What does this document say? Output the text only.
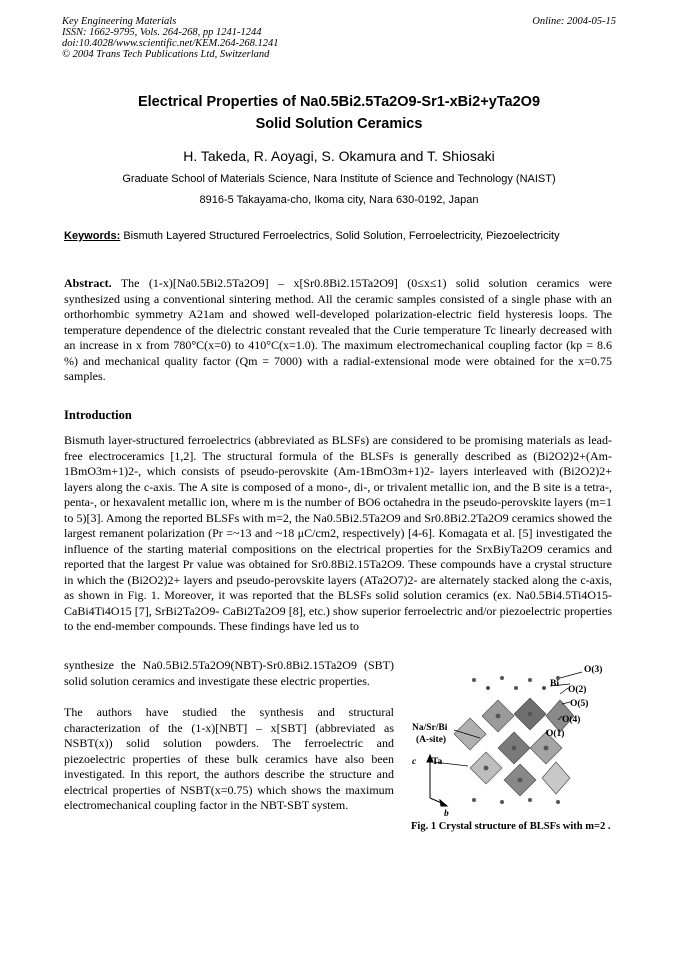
Key Engineering Materials
ISSN: 1662-9795, Vols. 264-268, pp 1241-1244
doi:10.4028/www.scientific.net/KEM.264-268.1241
© 2004 Trans Tech Publications Ltd, Switzerland
Online: 2004-05-15
Electrical Properties of Na0.5Bi2.5Ta2O9-Sr1-xBi2+yTa2O9
Solid Solution Ceramics
H. Takeda, R. Aoyagi, S. Okamura and T. Shiosaki
Graduate School of Materials Science, Nara Institute of Science and Technology (NAIST)
8916-5 Takayama-cho, Ikoma city, Nara 630-0192, Japan
Keywords: Bismuth Layered Structured Ferroelectrics, Solid Solution, Ferroelectricity, Piezoelectricity
Abstract. The (1-x)[Na0.5Bi2.5Ta2O9] – x[Sr0.8Bi2.15Ta2O9] (0≤x≤1) solid solution ceramics were synthesized using a conventional sintering method. All the ceramic samples consisted of a single phase with an orthorhombic symmetry A21am and showed well-developed polarization-electric field hysteresis loops. The temperature dependence of the dielectric constant revealed that the Curie temperature Tc linearly decreased with an increase in x from 780°C(x=0) to 410°C(x=1.0). The maximum electromechanical coupling factor (kp = 8.6 %) and mechanical quality factor (Qm = 7000) with a radial-extensional mode were obtained for the x=0.75 samples.
Introduction
Bismuth layer-structured ferroelectrics (abbreviated as BLSFs) are considered to be promising materials as lead-free electroceramics [1,2]. The structural formula of the BLSFs is generally described as (Bi2O2)2+(Am-1BmO3m+1)2-, which consists of pseudo-perovskite (Am-1BmO3m+1)2- layers interleaved with (Bi2O2)2+ layers along the c-axis. The A site is composed of a mono-, di-, or trivalent metallic ion, and the B site is a tetra-, penta-, or hexavalent metallic ion, where m is the number of BO6 octahedra in the pseudo-perovskite layers (m=1 to 5)[3]. Among the reported BLSFs with m=2, the Na0.5Bi2.5Ta2O9 and Sr0.8Bi2.2Ta2O9 ceramics showed the largest remanent polarization (Pr =~13 and ~18 μC/cm2, respectively) [4-6]. Komagata et al. [5] investigated the influence of the starting material compositions on the electrical properties for the SrxBiyTa2O9 ceramics and reported that the largest Pr value was obtained for Sr0.8Bi2.15Ta2O9. These compounds have a crystal structure in which the (Bi2O2)2+ layers and pseudo-perovskite layers (ATa2O7)2- are alternately stacked along the c-axis, as shown in Fig. 1. Moreover, it was reported that the BLSFs solid solution ceramics (ex. Na0.5Bi4.5Ti4O15-CaBi4Ti4O15 [7], SrBi2Ta2O9- CaBi2Ta2O9 [8], etc.) show superior ferroelectric and/or piezoelectric properties to the end-member compounds. These findings have led us to
synthesize the Na0.5Bi2.5Ta2O9(NBT)-Sr0.8Bi2.15Ta2O9 (SBT) solid solution ceramics and investigate these electric properties.
The authors have studied the synthesis and structural characterization of the (1-x)[NBT] – x[SBT] (abbreviated as NSBT(x)) solid solution powders. The ferroelectric and piezoelectric properties of these bulk ceramics have also been investigated. In this report, the authors describe the structure and electrical properties of NSBT(x=0.75) which shows the maximum electromechanical coupling factor in the NBT-SBT system.
O(3)
Bi
O(2)
O(5)
O(4)
O(1)
Na/Sr/Bi
(A-site)
Ta
c
b
Fig. 1 Crystal structure of BLSFs with m=2 .
